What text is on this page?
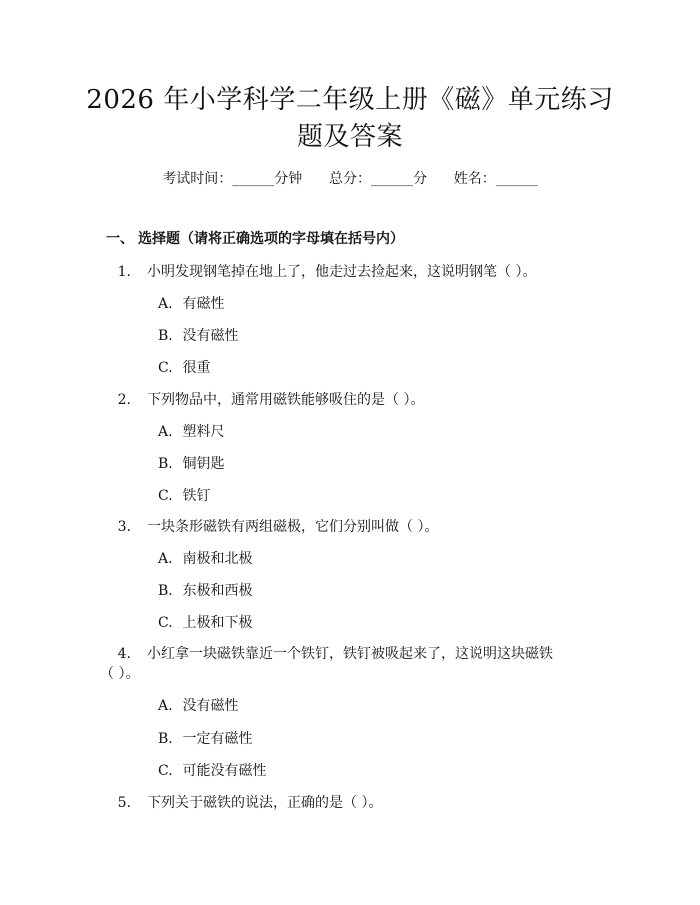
2026 年小学科学二年级上册《磁》单元练习
题及答案
考试时间：______分钟      总分：______分      姓名：______
一、 选择题（请将正确选项的字母填在括号内）
1. 小明发现钢笔掉在地上了，他走过去捡起来，这说明钢笔（ ）。
A. 有磁性
B. 没有磁性
C. 很重
2. 下列物品中，通常用磁铁能够吸住的是（ ）。
A. 塑料尺
B. 铜钥匙
C. 铁钉
3. 一块条形磁铁有两组磁极，它们分别叫做（ ）。
A. 南极和北极
B. 东极和西极
C. 上极和下极
4. 小红拿一块磁铁靠近一个铁钉，铁钉被吸起来了，这说明这块磁铁
（ ）。
A. 没有磁性
B. 一定有磁性
C. 可能没有磁性
5. 下列关于磁铁的说法，正确的是（ ）。
